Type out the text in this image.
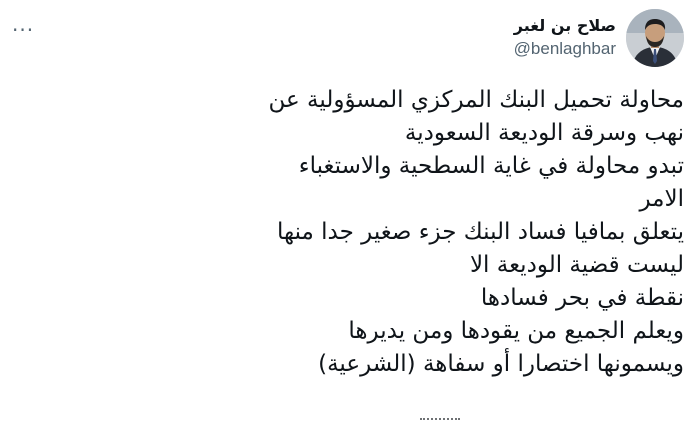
···	صلاح بن لغبر
@benlaghbar
محاولة تحميل البنك المركزي المسؤولية عن
نهب وسرقة الوديعة السعودية
تبدو محاولة في غاية السطحية والاستغباء
الامر
يتعلق بمافيا فساد البنك جزء صغير جدا منها
ليست قضية الوديعة الا
نقطة في بحر فسادها
ويعلم الجميع من يقودها ومن يديرها
ويسمونها اختصارا أو سفاهة (الشرعية)
